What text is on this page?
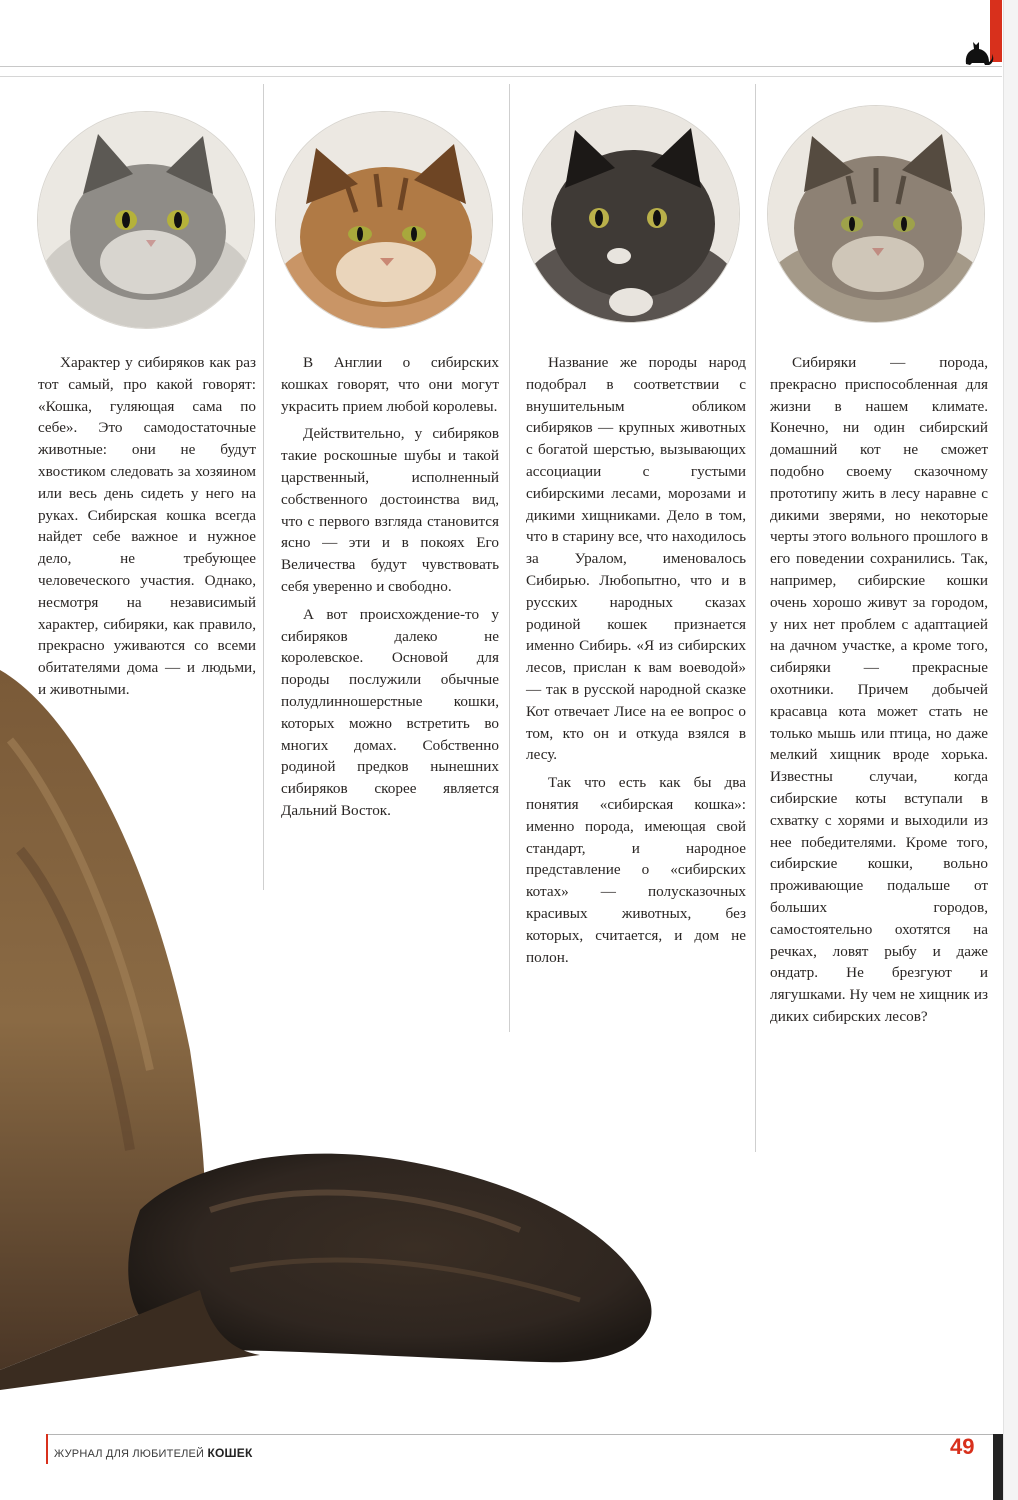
Характер у сибиряков как раз тот самый, про какой говорят: «Кошка, гуляющая сама по себе». Это самодостаточные животные: они не будут хвостиком следовать за хозяином или весь день сидеть у него на руках. Сибирская кошка всегда найдет себе важное и нужное дело, не требующее человеческого участия. Однако, несмотря на независимый характер, сибиряки, как правило, прекрасно уживаются со всеми обитателями дома — и людьми, и животными.

В Англии о сибирских кошках говорят, что они могут украсить прием любой королевы.

Действительно, у сибиряков такие роскошные шубы и такой царственный, исполненный собственного достоинства вид, что с первого взгляда становится ясно — эти и в покоях Его Величества будут чувствовать себя уверенно и свободно.

А вот происхождение-то у сибиряков далеко не королевское. Основой для породы послужили обычные полудлинношерстные кошки, которых можно встретить во многих домах. Собственно родиной предков нынешних сибиряков скорее является Дальний Восток.

Название же породы народ подобрал в соответствии с внушительным обликом сибиряков — крупных животных с богатой шерстью, вызывающих ассоциации с густыми сибирскими лесами, морозами и дикими хищниками. Дело в том, что в старину все, что находилось за Уралом, именовалось Сибирью. Любопытно, что и в русских народных сказах родиной кошек признается именно Сибирь. «Я из сибирских лесов, прислан к вам воеводой» — так в русской народной сказке Кот отвечает Лисе на ее вопрос о том, кто он и откуда взялся в лесу.

Так что есть как бы два понятия «сибирская кошка»: именно порода, имеющая свой стандарт, и народное представление о «сибирских котах» — полусказочных красивых животных, без которых, считается, и дом не полон.

Сибиряки — порода, прекрасно приспособленная для жизни в нашем климате. Конечно, ни один сибирский домашний кот не сможет подобно своему сказочному прототипу жить в лесу наравне с дикими зверями, но некоторые черты этого вольного прошлого в его поведении сохранились. Так, например, сибирские кошки очень хорошо живут за городом, у них нет проблем с адаптацией на дачном участке, а кроме того, сибиряки — прекрасные охотники. Причем добычей красавца кота может стать не только мышь или птица, но даже мелкий хищник вроде хорька. Известны случаи, когда сибирские коты вступали в схватку с хорями и выходили из нее победителями. Кроме того, сибирские кошки, вольно проживающие подальше от больших городов, самостоятельно охотятся на речках, ловят рыбу и даже ондатр. Не брезгуют и лягушками. Ну чем не хищник из диких сибирских лесов?

ЖУРНАЛ ДЛЯ ЛЮБИТЕЛЕЙ КОШЕК	49
